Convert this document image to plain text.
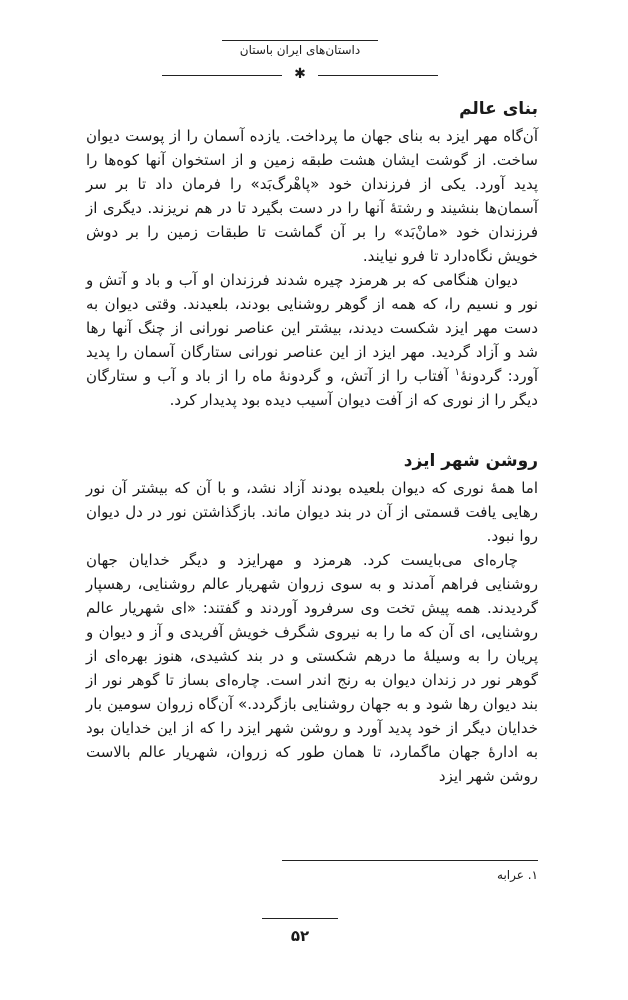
داستان‌های ایران باستان
✱
بنای عالم

آن‌گاه مهر ایزد به بنای جهان ما پرداخت. یازده آسمان را از پوست دیوان ساخت. از گوشت ایشان هشت طبقه زمین و از استخوان آنها کوه‌ها را پدید آورد. یکی از فرزندان خود «پاهْرگ‌بَد» را فرمان داد تا بر سر آسمان‌ها بنشیند و رشتهٔ آنها را در دست بگیرد تا در هم نریزند. دیگری از فرزندان خود «مانْ‌بَد» را بر آن گماشت تا طبقات زمین را بر دوش خویش نگاه‌دارد تا فرو نیایند.

دیوان هنگامی که بر هرمزد چیره شدند فرزندان او آب و باد و آتش و نور و نسیم را، که همه از گوهر روشنایی بودند، بلعیدند. وقتی دیوان به دست مهر ایزد شکست دیدند، بیشتر این عناصر نورانی از چنگ آنها رها شد و آزاد گردید. مهر ایزد از این عناصر نورانی ستارگان آسمان را پدید آورد: گردونهٔ$^۱$ آفتاب را از آتش، و گردونهٔ ماه را از باد و آب و ستارگان دیگر را از نوری که از آفت دیوان آسیب دیده بود پدیدار کرد.

روشن شهر ایزد

اما همهٔ نوری که دیوان بلعیده بودند آزاد نشد، و با آن که بیشتر آن نور رهایی یافت قسمتی از آن در بند دیوان ماند. بازگذاشتن نور در دل دیوان روا نبود.

چاره‌ای می‌بایست کرد. هرمزد و مهرایزد و دیگر خدایان جهان روشنایی فراهم آمدند و به سوی زروان شهریار عالم روشنایی، رهسپار گردیدند. همه پیش تخت وی سرفرود آوردند و گفتند: «ای شهریار عالم روشنایی، ای آن که ما را به نیروی شگرف خویش آفریدی و آز و دیوان و پریان را به وسیلهٔ ما درهم شکستی و در بند کشیدی، هنوز بهره‌ای از گوهر نور در زندان دیوان به رنج اندر است. چاره‌ای بساز تا گوهر نور از بند دیوان رها شود و به جهان روشنایی بازگردد.» آن‌گاه زروان سومین بار خدایان دیگر از خود پدید آورد و روشن شهر ایزد را که از این خدایان بود به ادارهٔ جهان ماگمارد، تا همان طور که زروان، شهریار عالم بالاست روشن شهر ایزد

۱. عرابه
۵۲
